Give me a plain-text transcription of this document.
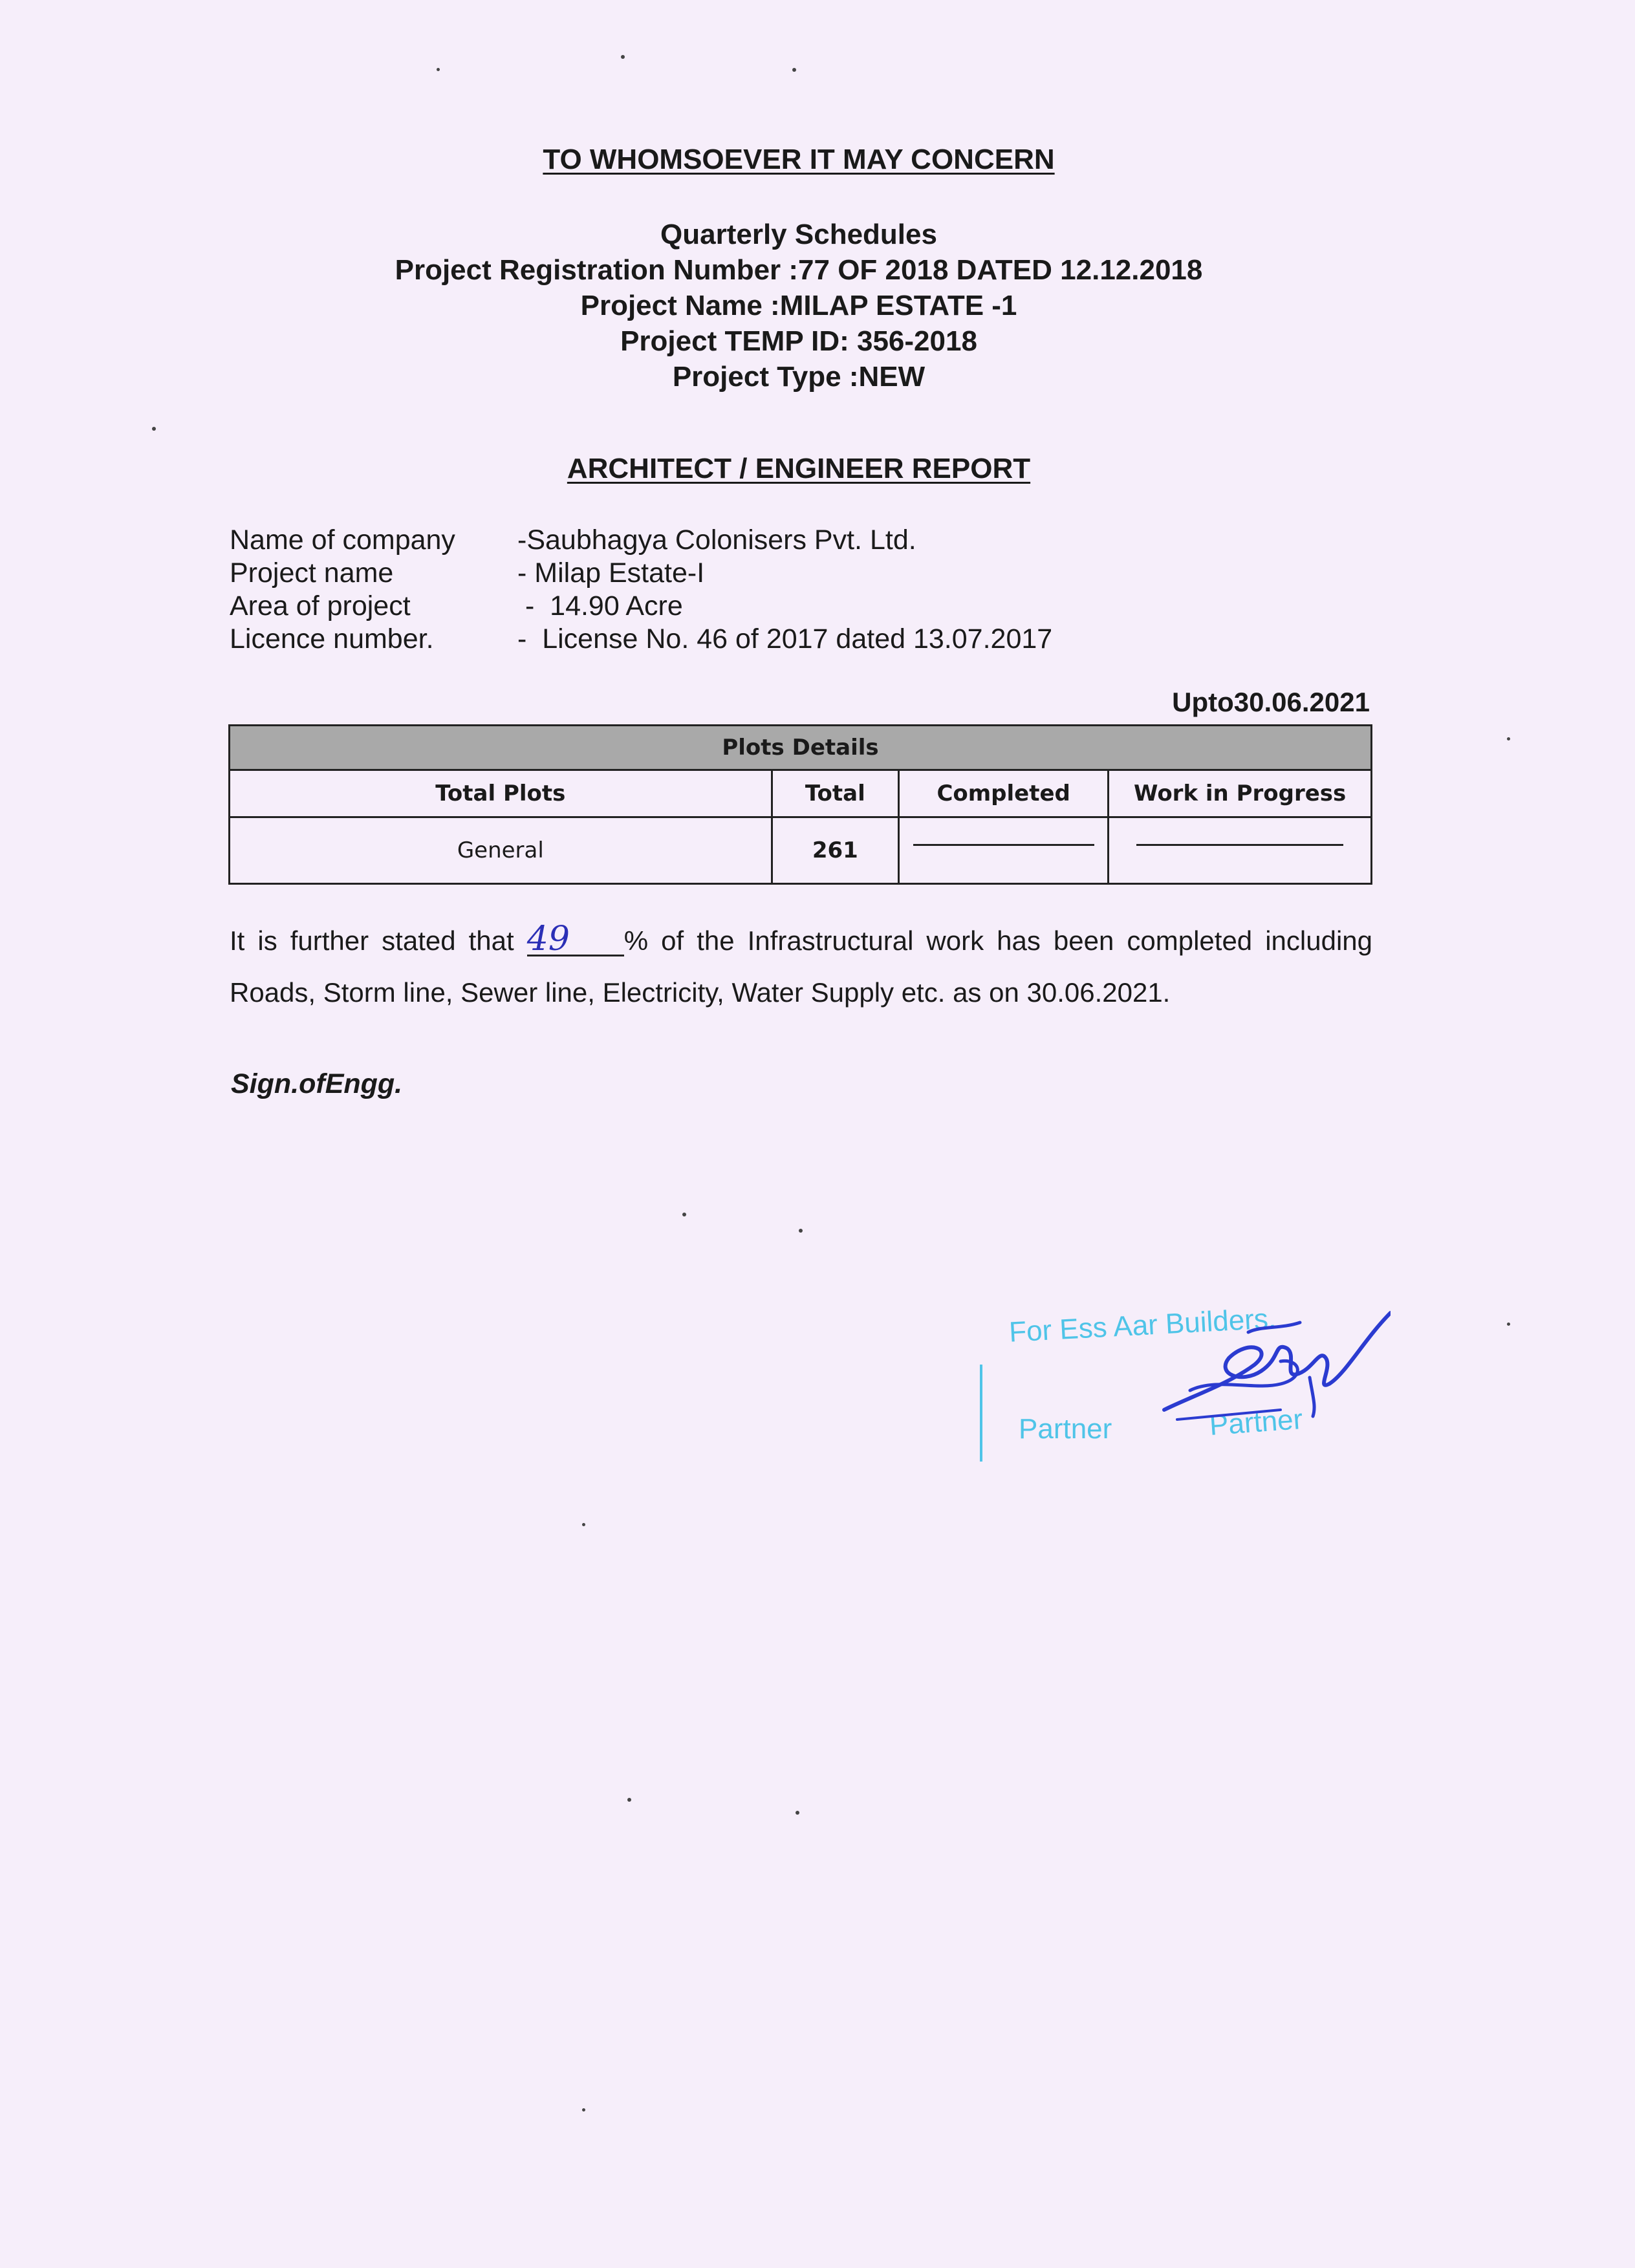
TO WHOMSOEVER IT MAY CONCERN
Quarterly Schedules
Project Registration Number :77 OF 2018 DATED 12.12.2018
Project Name :MILAP ESTATE -1
Project TEMP ID: 356-2018
Project Type :NEW
ARCHITECT / ENGINEER REPORT
Name of company	-Saubhagya Colonisers Pvt. Ltd.
Project name	- Milap Estate-I
Area of project	-  14.90 Acre
Licence number.	-  License No. 46 of 2017 dated 13.07.2017
Upto30.06.2021
Plots Details			
Total Plots	Total	Completed	Work in Progress
General	261		
It is further stated that 49 % of the Infrastructural work has been completed including Roads, Storm line, Sewer line, Electricity, Water Supply etc. as on 30.06.2021.
Sign.ofEngg.
For Ess Aar Builders.
Partner	Partner
